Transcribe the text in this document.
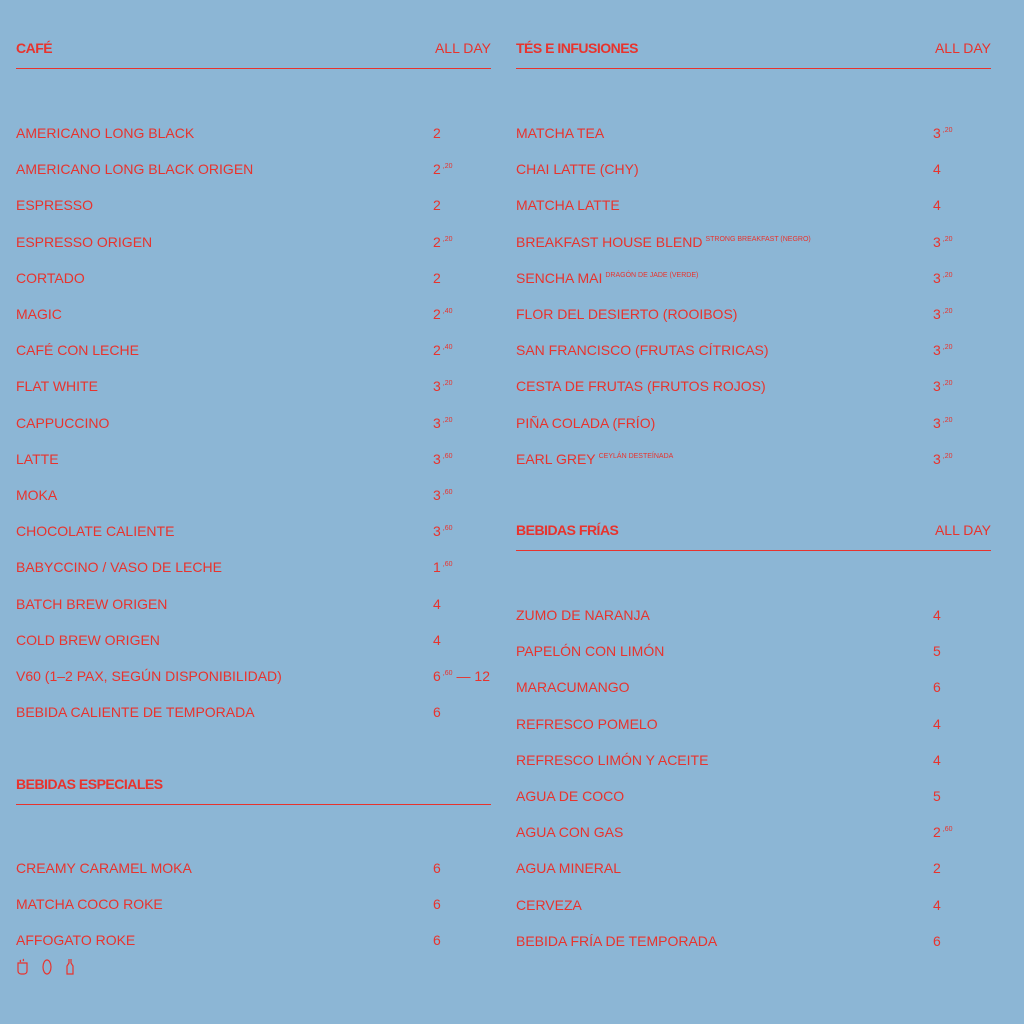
CAFÉ	ALL DAY
AMERICANO LONG BLACK	2
AMERICANO LONG BLACK ORIGEN	2 $^{,20}$
ESPRESSO	2
ESPRESSO ORIGEN	2 $^{,20}$
CORTADO	2
MAGIC	2 $^{,40}$
CAFÉ CON LECHE	2 $^{,40}$
FLAT WHITE	3 $^{,20}$
CAPPUCCINO	3 $^{,20}$
LATTE	3 $^{,60}$
MOKA	3 $^{,60}$
CHOCOLATE CALIENTE	3 $^{,60}$
BABYCCINO / VASO DE LECHE	1 $^{,60}$
BATCH BREW ORIGEN	4
COLD BREW ORIGEN	4
V60 (1–2 PAX, SEGÚN DISPONIBILIDAD)	6 $^{,60}$ — 12
BEBIDA CALIENTE DE TEMPORADA	6
BEBIDAS ESPECIALES
CREAMY CARAMEL MOKA	6
MATCHA COCO ROKE	6
AFFOGATO ROKE	6
TÉS E INFUSIONES	ALL DAY
MATCHA TEA	3 $^{,20}$
CHAI LATTE (CHY)	4
MATCHA LATTE	4
BREAKFAST HOUSE BLEND $^{STRONG BREAKFAST (NEGRO)}$	3 $^{,20}$
SENCHA MAI $^{DRAGÓN DE JADE (VERDE)}$	3 $^{,20}$
FLOR DEL DESIERTO (ROOIBOS)	3 $^{,20}$
SAN FRANCISCO (FRUTAS CÍTRICAS)	3 $^{,20}$
CESTA DE FRUTAS (FRUTOS ROJOS)	3 $^{,20}$
PIÑA COLADA (FRÍO)	3 $^{,20}$
EARL GREY $^{CEYLÁN DESTEÍNADA}$	3 $^{,20}$
BEBIDAS FRÍAS	ALL DAY
ZUMO DE NARANJA	4
PAPELÓN CON LIMÓN	5
MARACUMANGO	6
REFRESCO POMELO	4
REFRESCO LIMÓN Y ACEITE	4
AGUA DE COCO	5
AGUA CON GAS	2 $^{,60}$
AGUA MINERAL	2
CERVEZA	4
BEBIDA FRÍA DE TEMPORADA	6
